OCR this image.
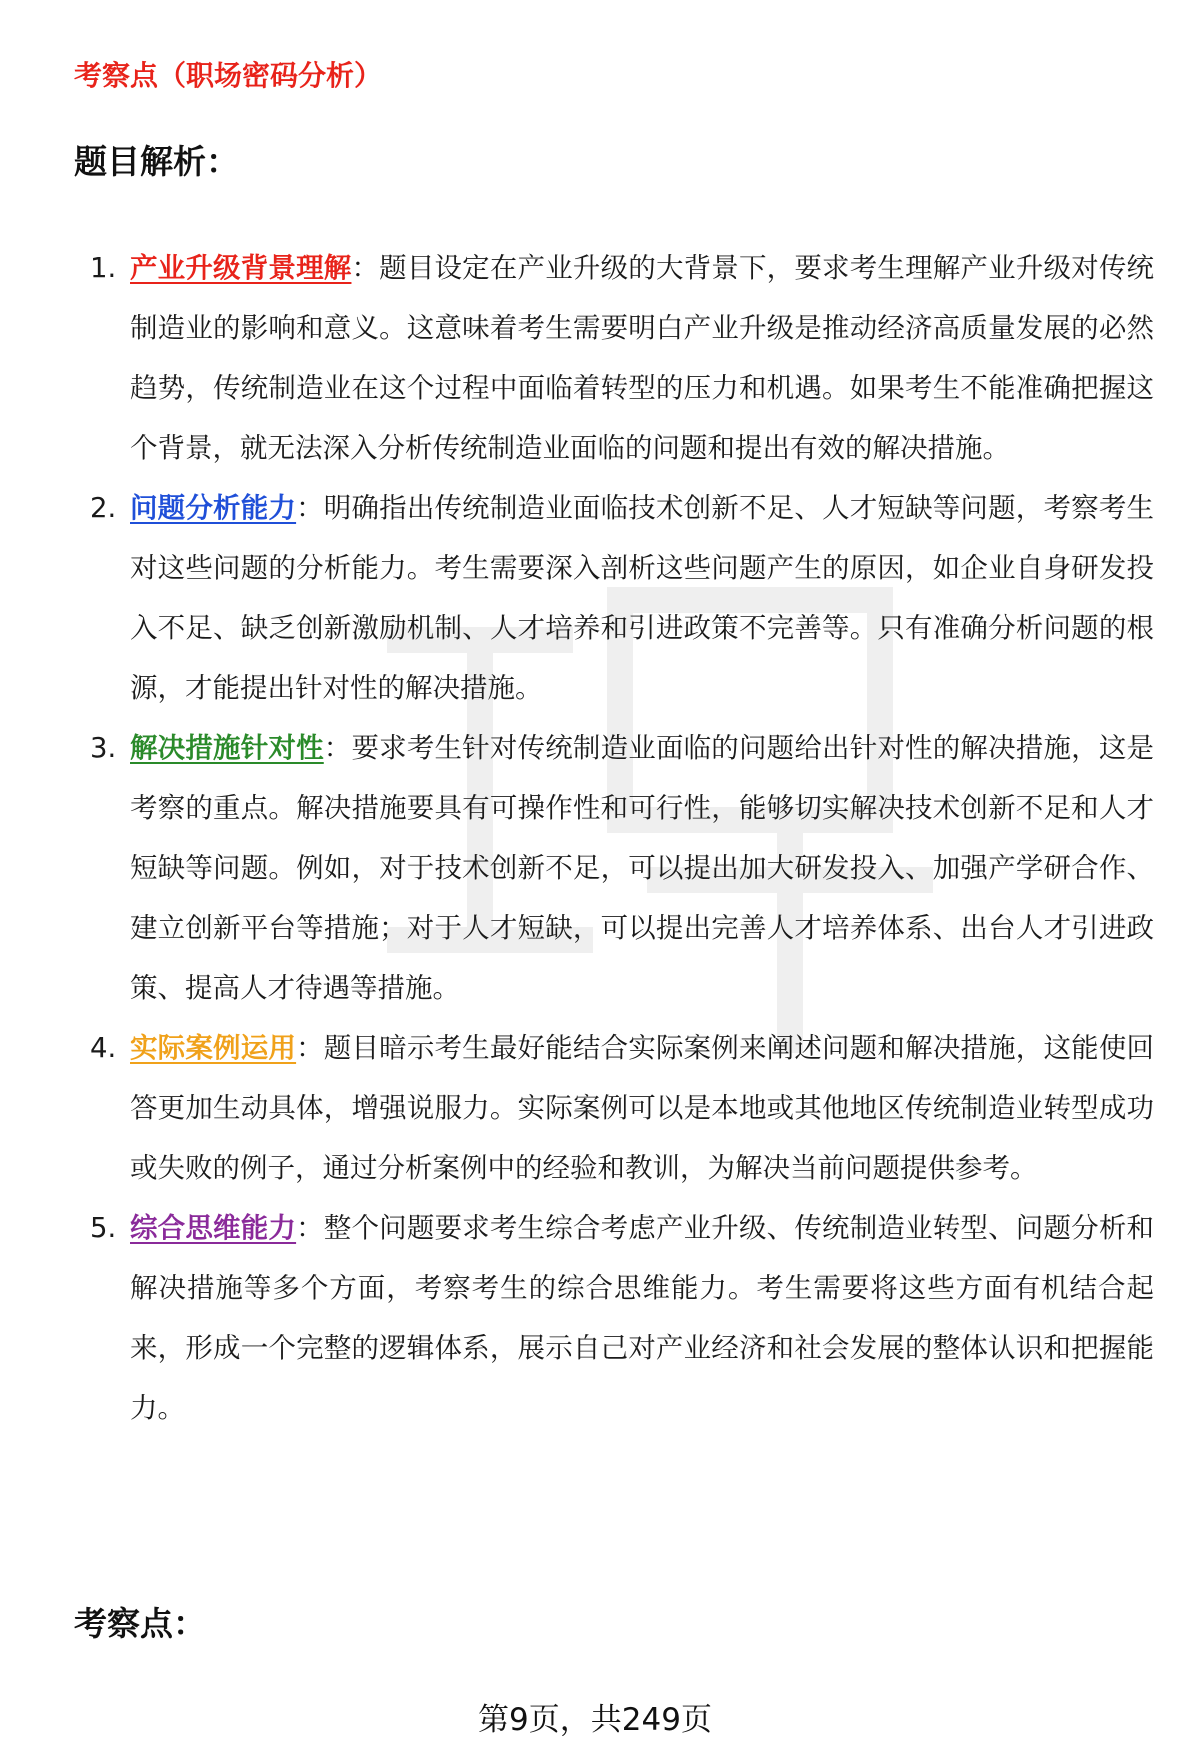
考察点（职场密码分析）
题目解析：
1. 产业升级背景理解：题目设定在产业升级的大背景下，要求考生理解产业升级对传统制造业的影响和意义。这意味着考生需要明白产业升级是推动经济高质量发展的必然趋势，传统制造业在这个过程中面临着转型的压力和机遇。如果考生不能准确把握这个背景，就无法深入分析传统制造业面临的问题和提出有效的解决措施。
2. 问题分析能力：明确指出传统制造业面临技术创新不足、人才短缺等问题，考察考生对这些问题的分析能力。考生需要深入剖析这些问题产生的原因，如企业自身研发投入不足、缺乏创新激励机制、人才培养和引进政策不完善等。只有准确分析问题的根源，才能提出针对性的解决措施。
3. 解决措施针对性：要求考生针对传统制造业面临的问题给出针对性的解决措施，这是考察的重点。解决措施要具有可操作性和可行性，能够切实解决技术创新不足和人才短缺等问题。例如，对于技术创新不足，可以提出加大研发投入、加强产学研合作、建立创新平台等措施；对于人才短缺，可以提出完善人才培养体系、出台人才引进政策、提高人才待遇等措施。
4. 实际案例运用：题目暗示考生最好能结合实际案例来阐述问题和解决措施，这能使回答更加生动具体，增强说服力。实际案例可以是本地或其他地区传统制造业转型成功或失败的例子，通过分析案例中的经验和教训，为解决当前问题提供参考。
5. 综合思维能力：整个问题要求考生综合考虑产业升级、传统制造业转型、问题分析和解决措施等多个方面，考察考生的综合思维能力。考生需要将这些方面有机结合起来，形成一个完整的逻辑体系，展示自己对产业经济和社会发展的整体认识和把握能力。
考察点：
第9页，共249页
